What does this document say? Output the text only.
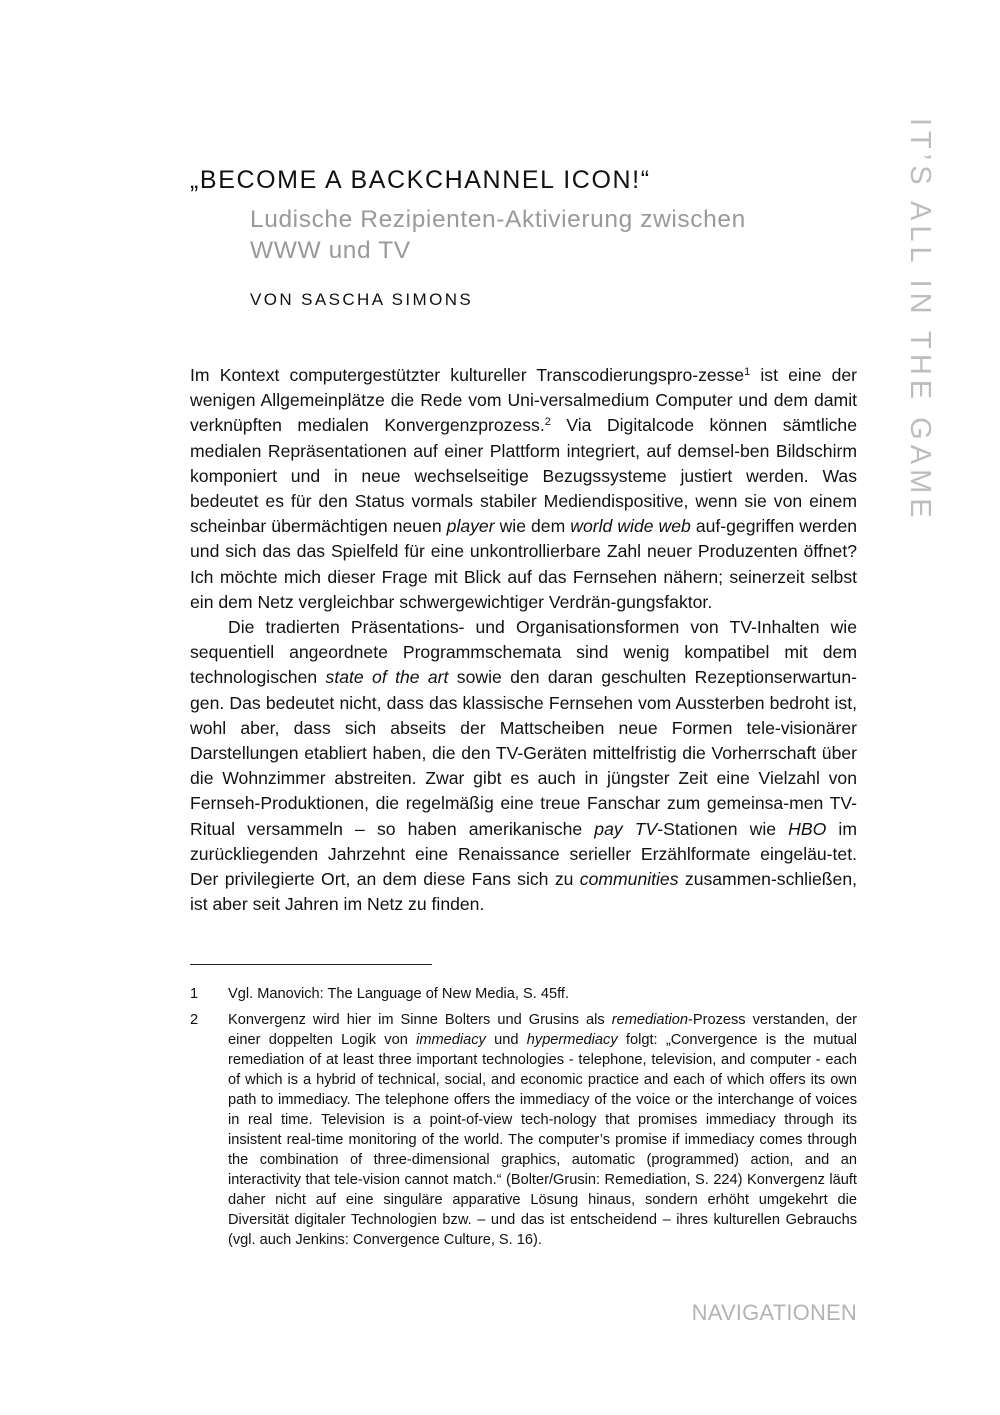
„BECOME A BACKCHANNEL ICON!“
Ludische Rezipienten-Aktivierung zwischen WWW und TV
VON SASCHA SIMONS	IT’S ALL IN THE GAME

Im Kontext computergestützter kultureller Transcodierungspro-zesse$^1$ ist eine der wenigen Allgemeinplätze die Rede vom Uni-versalmedium Computer und dem damit verknüpften medialen Konvergenzprozess.$^2$ Via Digitalcode können sämtliche medialen Repräsentationen auf einer Plattform integriert, auf demsel-ben Bildschirm komponiert und in neue wechselseitige Bezugssysteme justiert werden. Was bedeutet es für den Status vormals stabiler Mediendispositive, wenn sie von einem scheinbar übermächtigen neuen player wie dem world wide web auf-gegriffen werden und sich das das Spielfeld für eine unkontrollierbare Zahl neuer Produzenten öffnet? Ich möchte mich dieser Frage mit Blick auf das Fernsehen nähern; seinerzeit selbst ein dem Netz vergleichbar schwergewichtiger Verdrän-gungsfaktor.

Die tradierten Präsentations- und Organisationsformen von TV-Inhalten wie sequentiell angeordnete Programmschemata sind wenig kompatibel mit dem technologischen state of the art sowie den daran geschulten Rezeptionserwartun-gen. Das bedeutet nicht, dass das klassische Fernsehen vom Aussterben bedroht ist, wohl aber, dass sich abseits der Mattscheiben neue Formen tele-visionärer Darstellungen etabliert haben, die den TV-Geräten mittelfristig die Vorherrschaft über die Wohnzimmer abstreiten. Zwar gibt es auch in jüngster Zeit eine Vielzahl von Fernseh-Produktionen, die regelmäßig eine treue Fanschar zum gemeinsa-men TV-Ritual versammeln – so haben amerikanische pay TV-Stationen wie HBO im zurückliegenden Jahrzehnt eine Renaissance serieller Erzählformate eingeläu-tet. Der privilegierte Ort, an dem diese Fans sich zu communities zusammen-schließen, ist aber seit Jahren im Netz zu finden.

1	Vgl. Manovich: The Language of New Media, S. 45ff.
2	Konvergenz wird hier im Sinne Bolters und Grusins als remediation-Prozess verstanden, der einer doppelten Logik von immediacy und hypermediacy folgt: „Convergence is the mutual remediation of at least three important technologies - telephone, television, and computer - each of which is a hybrid of technical, social, and economic practice and each of which offers its own path to immediacy. The telephone offers the immediacy of the voice or the interchange of voices in real time. Television is a point-of-view tech-nology that promises immediacy through its insistent real-time monitoring of the world. The computer’s promise if immediacy comes through the combination of three-dimensional graphics, automatic (programmed) action, and an interactivity that tele-vision cannot match.“ (Bolter/Grusin: Remediation, S. 224) Konvergenz läuft daher nicht auf eine singuläre apparative Lösung hinaus, sondern erhöht umgekehrt die Diversität digitaler Technologien bzw. – und das ist entscheidend – ihres kulturellen Gebrauchs (vgl. auch Jenkins: Convergence Culture, S. 16).
NAVIGATIONEN
